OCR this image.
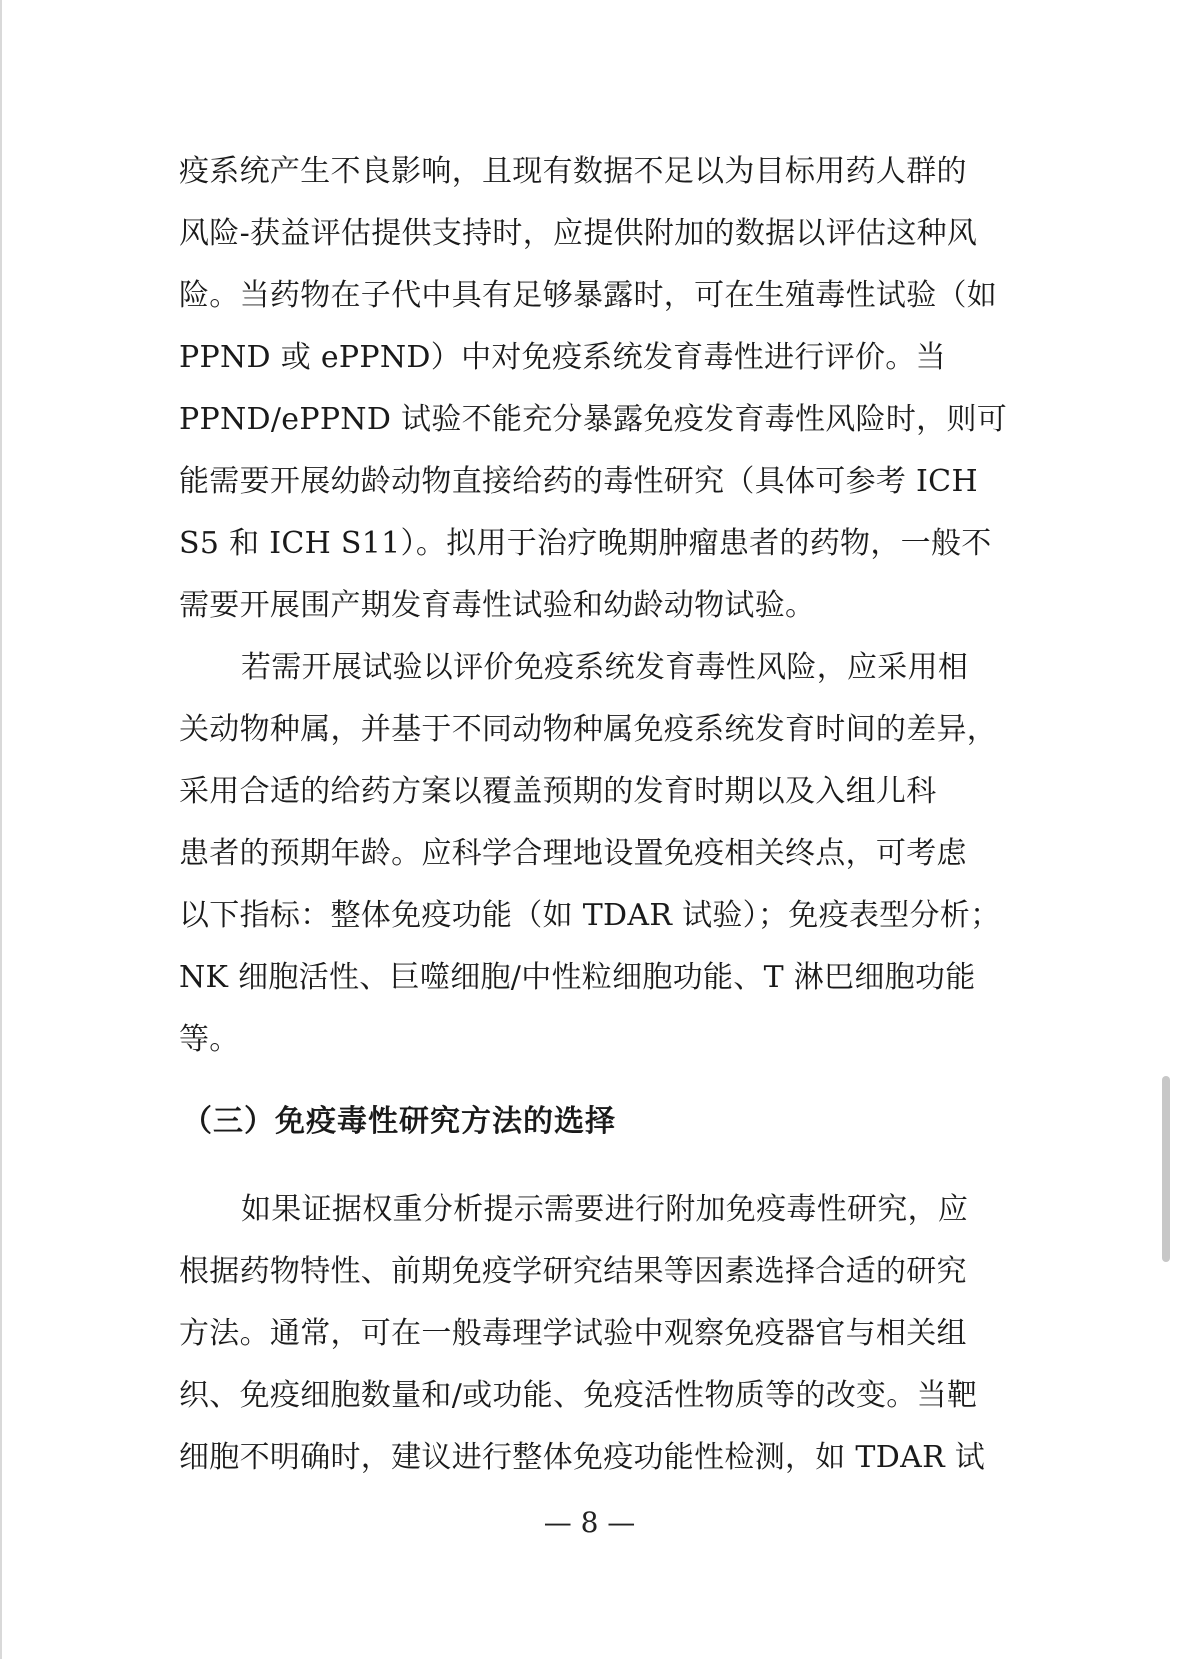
疫系统产生不良影响，且现有数据不足以为目标用药人群的
风险-获益评估提供支持时，应提供附加的数据以评估这种风
险。当药物在子代中具有足够暴露时，可在生殖毒性试验（如
PPND 或 ePPND）中对免疫系统发育毒性进行评价。当
PPND/ePPND 试验不能充分暴露免疫发育毒性风险时，则可
能需要开展幼龄动物直接给药的毒性研究（具体可参考 ICH
S5 和 ICH S11）。拟用于治疗晚期肿瘤患者的药物，一般不
需要开展围产期发育毒性试验和幼龄动物试验。
若需开展试验以评价免疫系统发育毒性风险，应采用相
关动物种属，并基于不同动物种属免疫系统发育时间的差异，
采用合适的给药方案以覆盖预期的发育时期以及入组儿科
患者的预期年龄。应科学合理地设置免疫相关终点，可考虑
以下指标：整体免疫功能（如 TDAR 试验）；免疫表型分析；
NK 细胞活性、巨噬细胞/中性粒细胞功能、T 淋巴细胞功能
等。
（三）免疫毒性研究方法的选择
如果证据权重分析提示需要进行附加免疫毒性研究，应
根据药物特性、前期免疫学研究结果等因素选择合适的研究
方法。通常，可在一般毒理学试验中观察免疫器官与相关组
织、免疫细胞数量和/或功能、免疫活性物质等的改变。当靶
细胞不明确时，建议进行整体免疫功能性检测，如 TDAR 试
— 8 —
